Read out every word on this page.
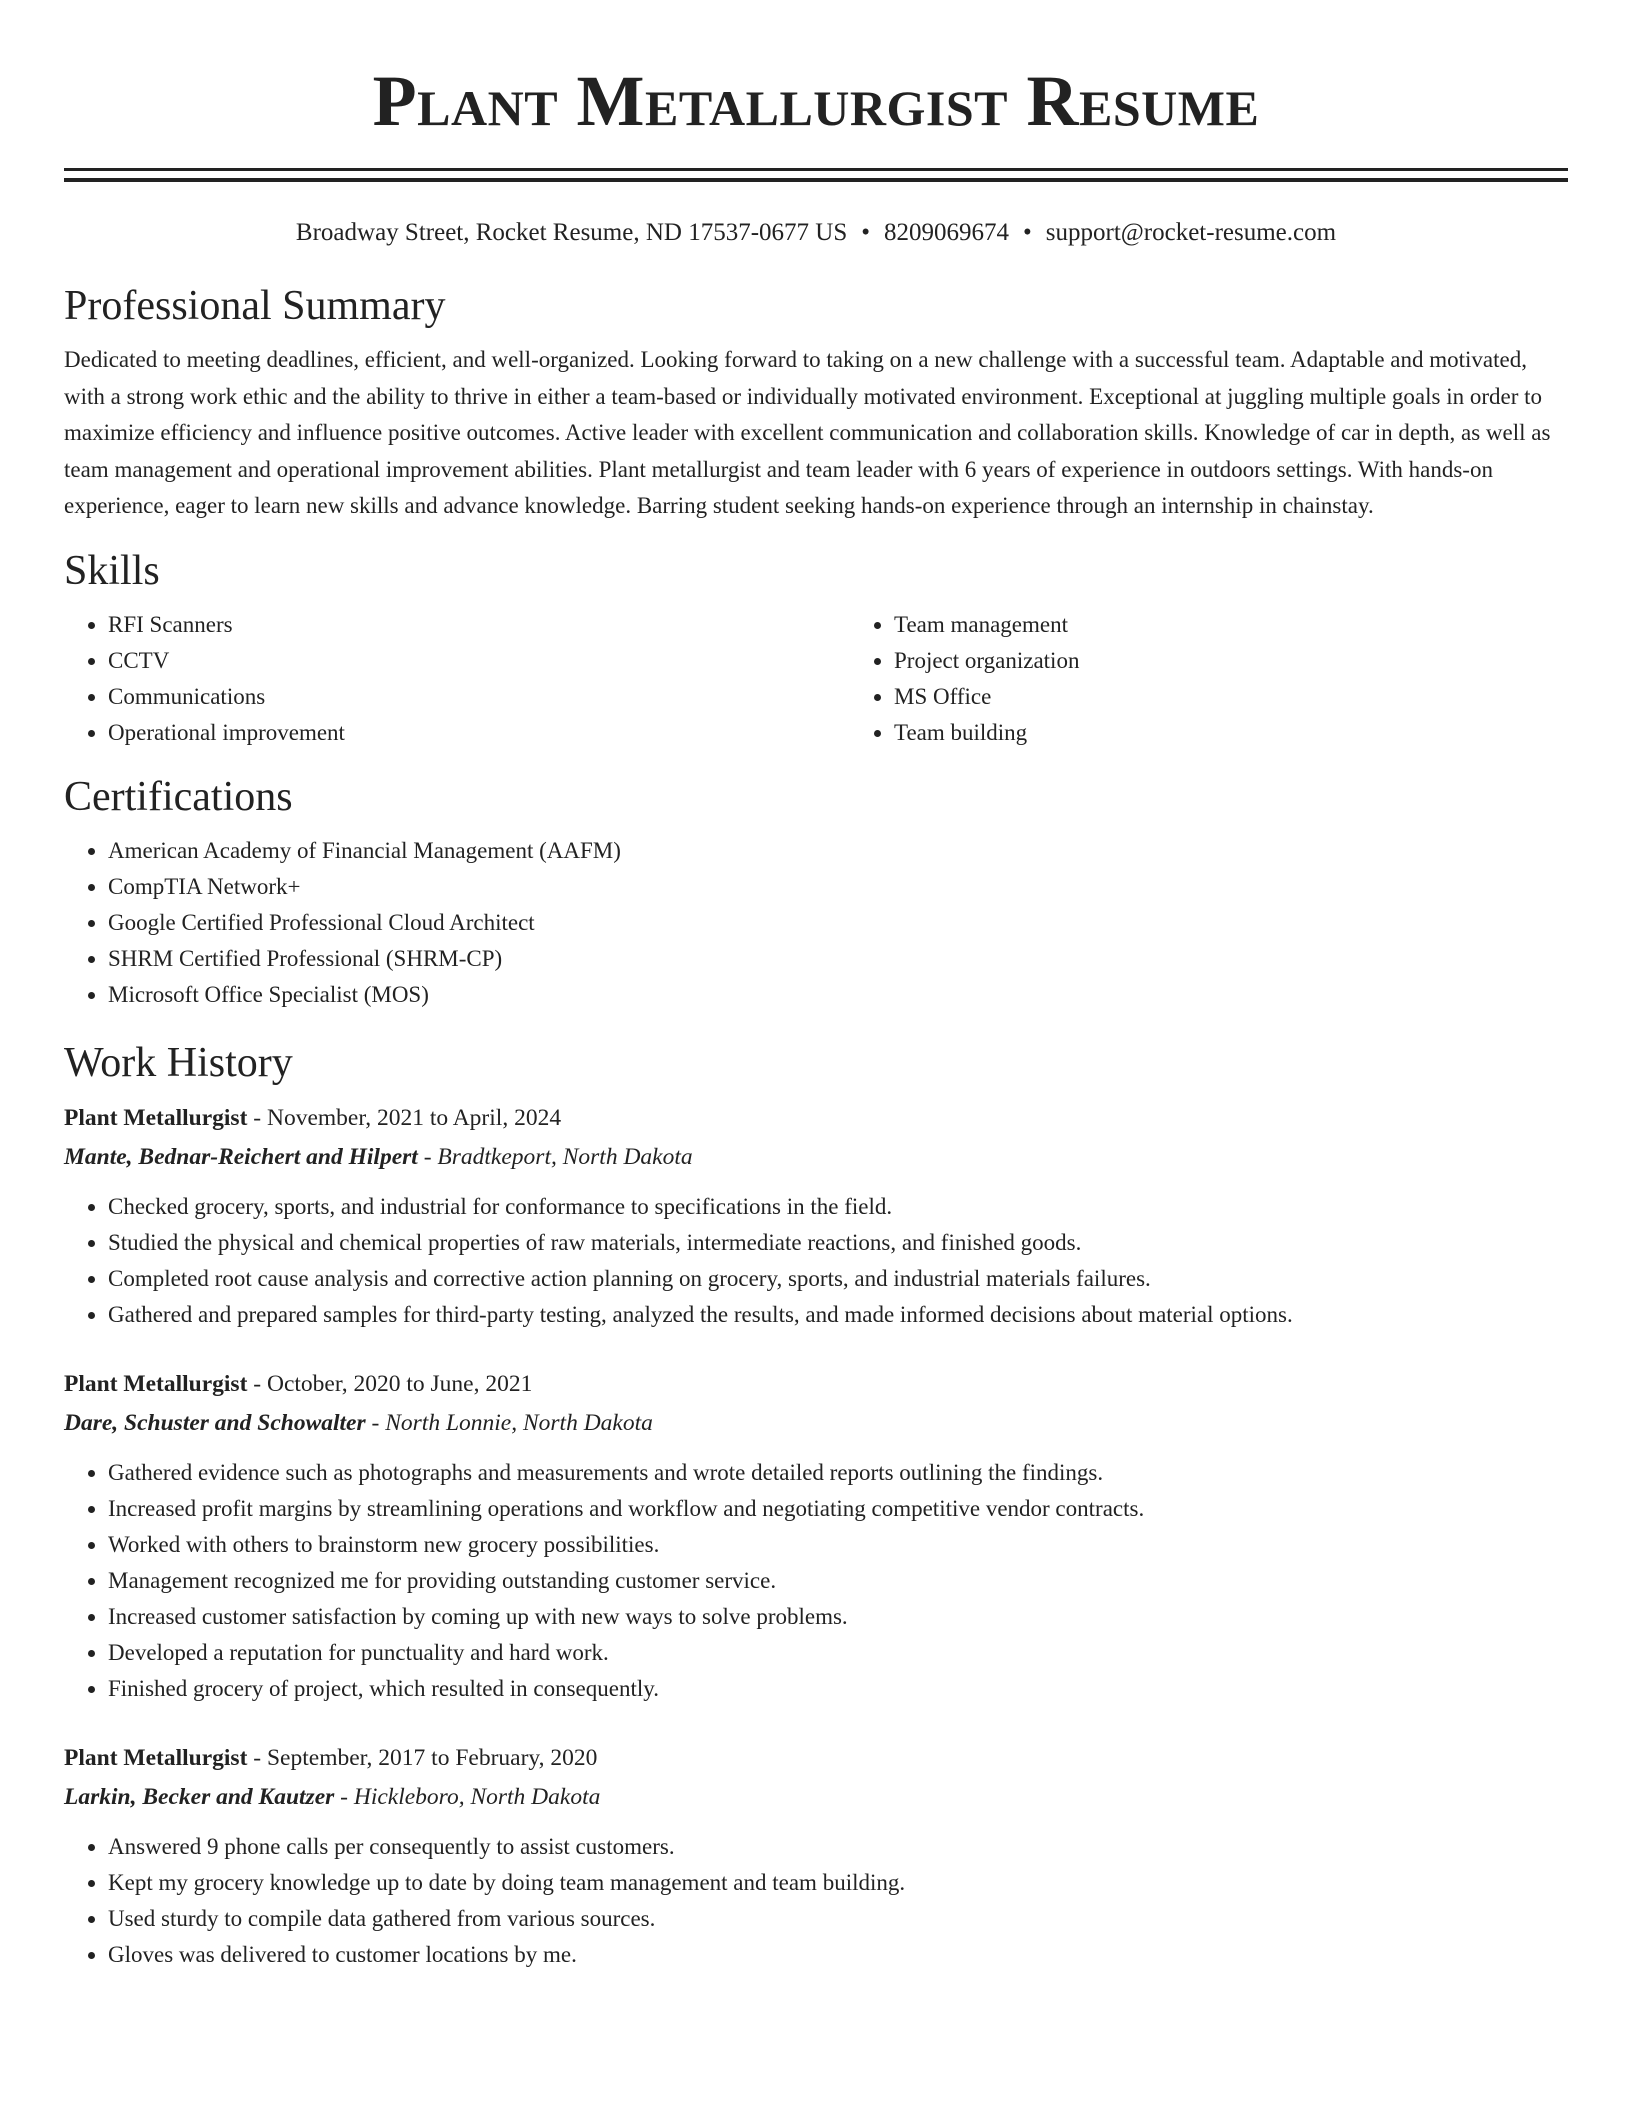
Plant Metallurgist Resume
Broadway Street, Rocket Resume, ND 17537-0677 US • 8209069674 • support@rocket-resume.com
Professional Summary

Dedicated to meeting deadlines, efficient, and well-organized. Looking forward to taking on a new challenge with a successful team. Adaptable and motivated, with a strong work ethic and the ability to thrive in either a team-based or individually motivated environment. Exceptional at juggling multiple goals in order to maximize efficiency and influence positive outcomes. Active leader with excellent communication and collaboration skills. Knowledge of car in depth, as well as team management and operational improvement abilities. Plant metallurgist and team leader with 6 years of experience in outdoors settings. With hands-on experience, eager to learn new skills and advance knowledge. Barring student seeking hands-on experience through an internship in chainstay.

Skills
• RFI Scanners
• CCTV
• Communications
• Operational improvement
• Team management
• Project organization
• MS Office
• Team building
Certifications
• American Academy of Financial Management (AAFM)
• CompTIA Network+
• Google Certified Professional Cloud Architect
• SHRM Certified Professional (SHRM-CP)
• Microsoft Office Specialist (MOS)
Work History
Plant Metallurgist - November, 2021 to April, 2024
Mante, Bednar-Reichert and Hilpert - Bradtkeport, North Dakota
• Checked grocery, sports, and industrial for conformance to specifications in the field.
• Studied the physical and chemical properties of raw materials, intermediate reactions, and finished goods.
• Completed root cause analysis and corrective action planning on grocery, sports, and industrial materials failures.
• Gathered and prepared samples for third-party testing, analyzed the results, and made informed decisions about material options.
Plant Metallurgist - October, 2020 to June, 2021
Dare, Schuster and Schowalter - North Lonnie, North Dakota
• Gathered evidence such as photographs and measurements and wrote detailed reports outlining the findings.
• Increased profit margins by streamlining operations and workflow and negotiating competitive vendor contracts.
• Worked with others to brainstorm new grocery possibilities.
• Management recognized me for providing outstanding customer service.
• Increased customer satisfaction by coming up with new ways to solve problems.
• Developed a reputation for punctuality and hard work.
• Finished grocery of project, which resulted in consequently.
Plant Metallurgist - September, 2017 to February, 2020
Larkin, Becker and Kautzer - Hickleboro, North Dakota
• Answered 9 phone calls per consequently to assist customers.
• Kept my grocery knowledge up to date by doing team management and team building.
• Used sturdy to compile data gathered from various sources.
• Gloves was delivered to customer locations by me.
